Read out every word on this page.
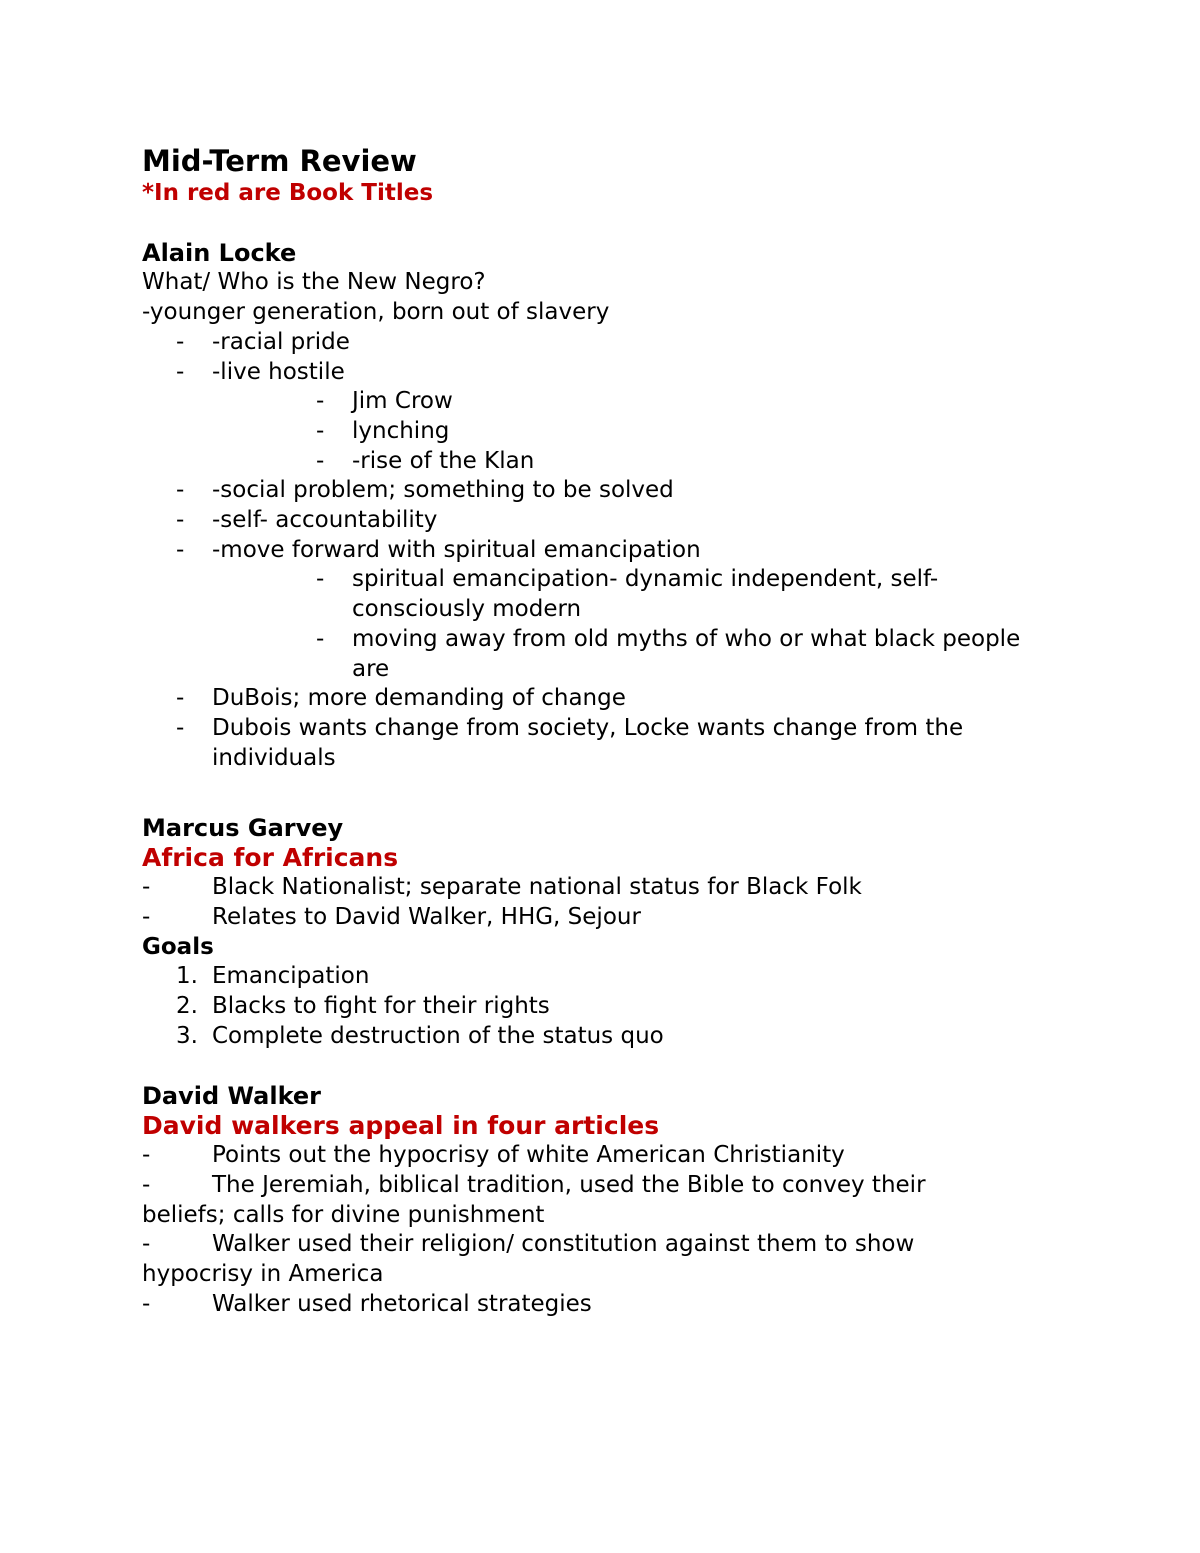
Mid-Term Review
*In red are Book Titles
Alain Locke
What/ Who is the New Negro?
-younger generation, born out of slavery
- -racial pride
- -live hostile
- Jim Crow
- lynching
- -rise of the Klan
- -social problem; something to be solved
- -self- accountability
- -move forward with spiritual emancipation
- spiritual emancipation- dynamic independent, self-consciously modern
- moving away from old myths of who or what black people are
- DuBois; more demanding of change
- Dubois wants change from society, Locke wants change from the individuals
Marcus Garvey
Africa for Africans
-	Black Nationalist; separate national status for Black Folk
-	Relates to David Walker, HHG, Sejour
Goals
1. Emancipation
2. Blacks to fight for their rights
3. Complete destruction of the status quo
David Walker
David walkers appeal in four articles
-	Points out the hypocrisy of white American Christianity
-	The Jeremiah, biblical tradition, used the Bible to convey their beliefs; calls for divine punishment
-	Walker used their religion/ constitution against them to show hypocrisy in America
-	Walker used rhetorical strategies
